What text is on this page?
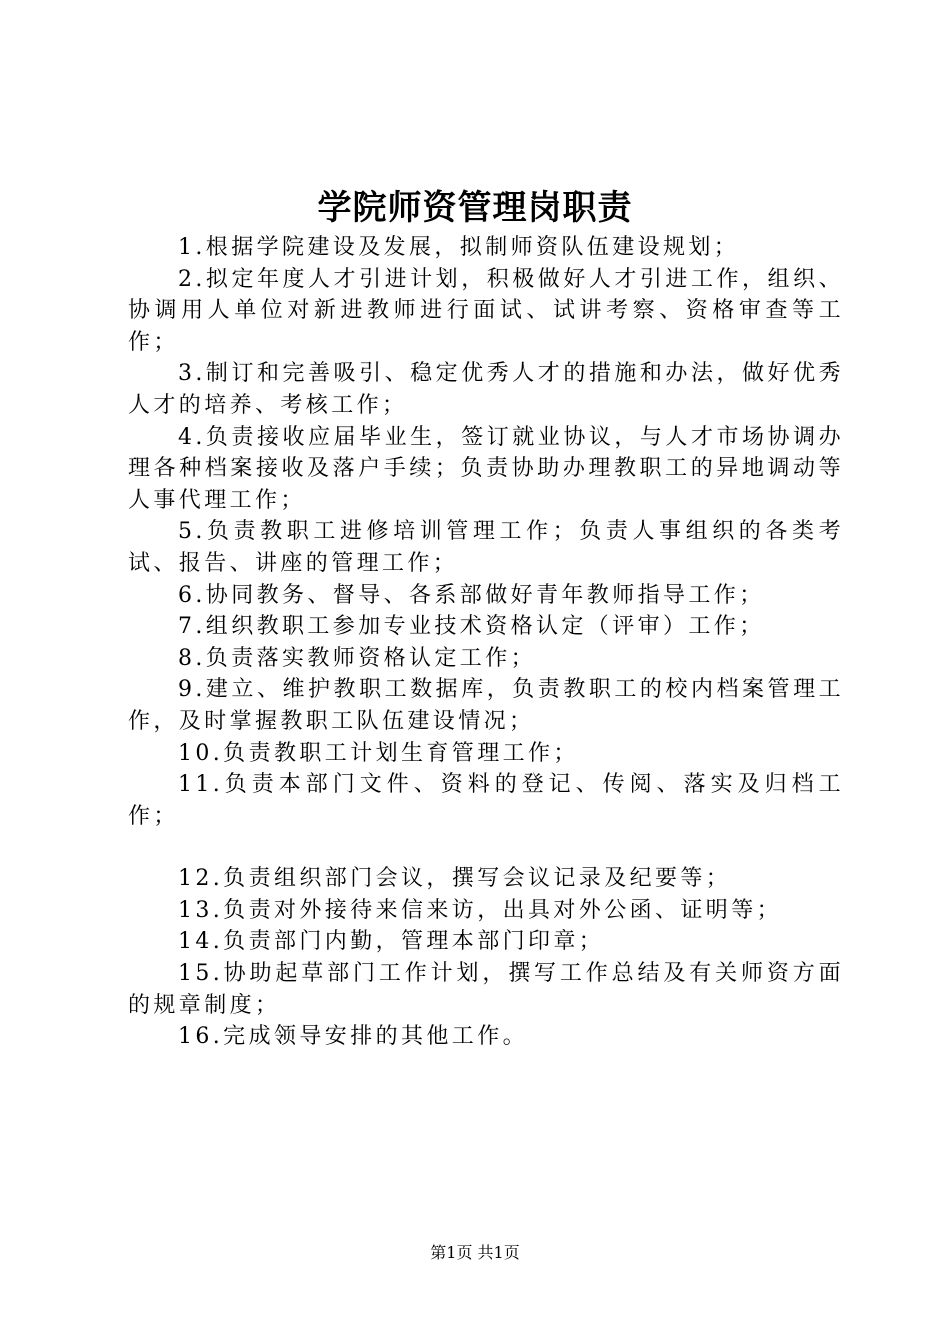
学院师资管理岗职责

1.根据学院建设及发展，拟制师资队伍建设规划；

2.拟定年度人才引进计划，积极做好人才引进工作，组织、协调用人单位对新进教师进行面试、试讲考察、资格审查等工作；

3.制订和完善吸引、稳定优秀人才的措施和办法，做好优秀人才的培养、考核工作；

4.负责接收应届毕业生，签订就业协议，与人才市场协调办理各种档案接收及落户手续；负责协助办理教职工的异地调动等人事代理工作；

5.负责教职工进修培训管理工作；负责人事组织的各类考试、报告、讲座的管理工作；

6.协同教务、督导、各系部做好青年教师指导工作；

7.组织教职工参加专业技术资格认定（评审）工作；

8.负责落实教师资格认定工作；

9.建立、维护教职工数据库，负责教职工的校内档案管理工作，及时掌握教职工队伍建设情况；

10.负责教职工计划生育管理工作；

11.负责本部门文件、资料的登记、传阅、落实及归档工作；

12.负责组织部门会议，撰写会议记录及纪要等；

13.负责对外接待来信来访，出具对外公函、证明等；

14.负责部门内勤，管理本部门印章；

15.协助起草部门工作计划，撰写工作总结及有关师资方面的规章制度；

16.完成领导安排的其他工作。

第1页 共1页
